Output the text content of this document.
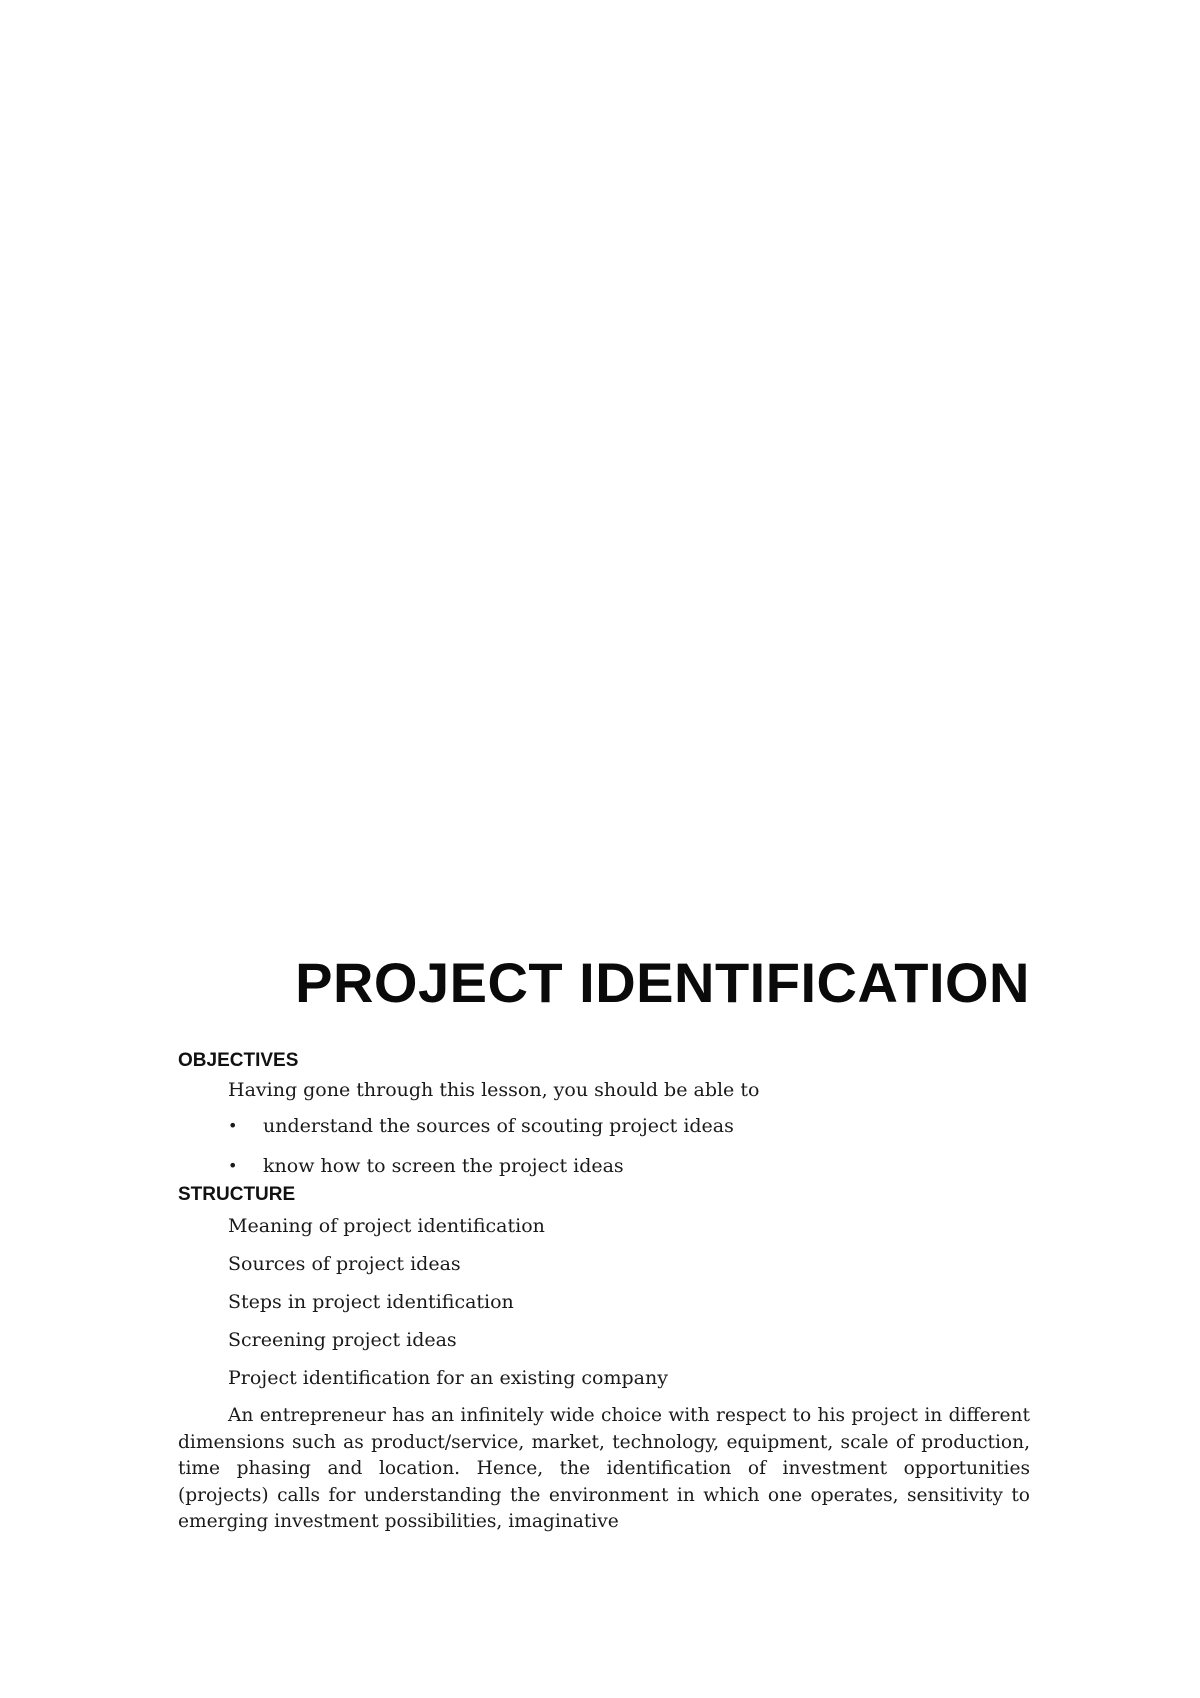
PROJECT IDENTIFICATION
OBJECTIVES

Having gone through this lesson, you should be able to

• understand the sources of scouting project ideas
• know how to screen the project ideas
STRUCTURE
Meaning of project identification
Sources of project ideas
Steps in project identification
Screening project ideas
Project identification for an existing company

An entrepreneur has an infinitely wide choice with respect to his project in different dimensions such as product/service, market, technology, equipment, scale of production, time phasing and location. Hence, the identification of investment opportunities (projects) calls for understanding the environment in which one operates, sensitivity to emerging investment possibilities, imaginative
